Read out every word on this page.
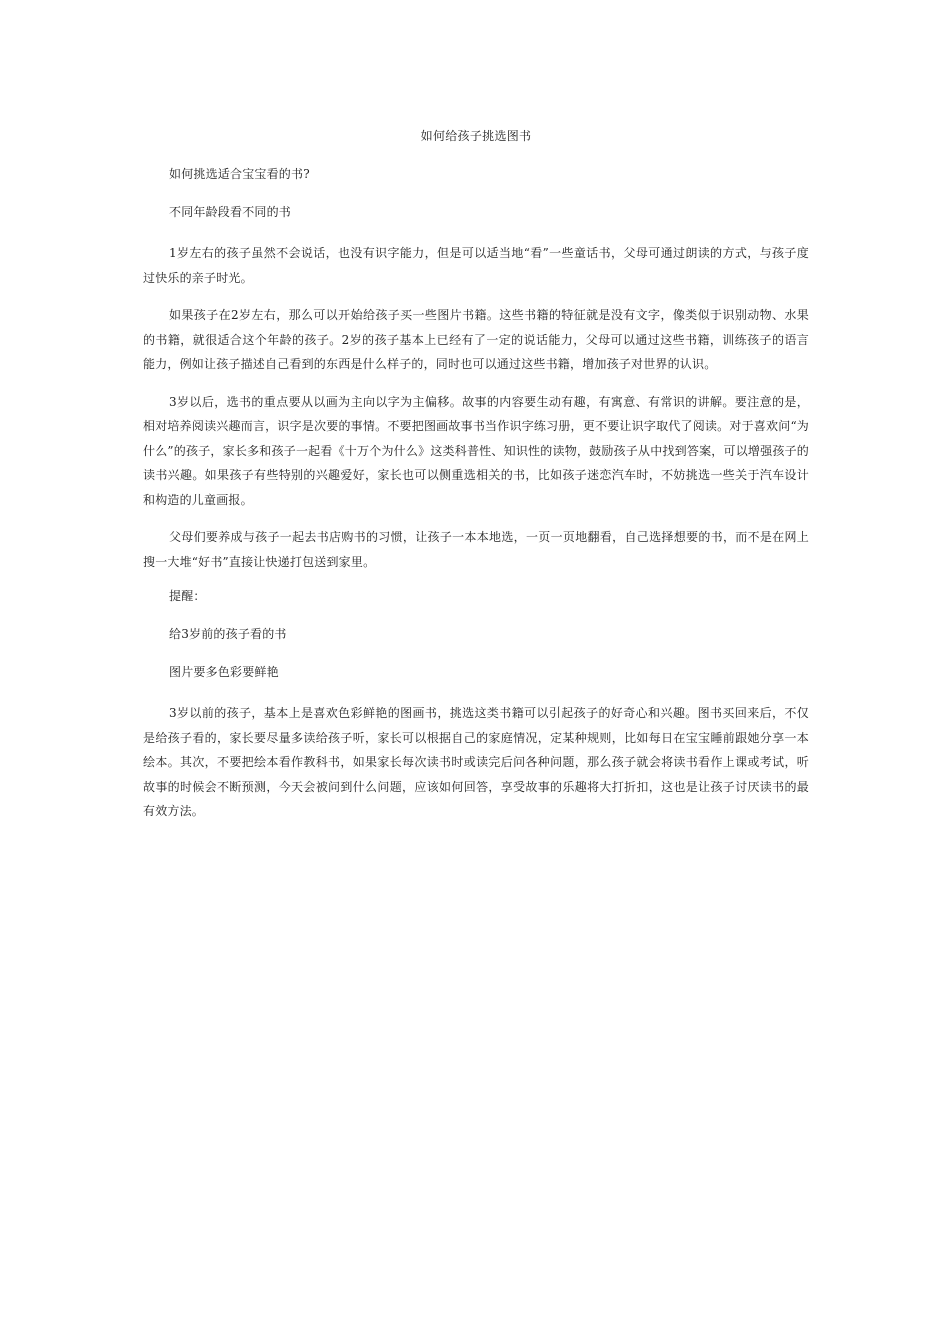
如何给孩子挑选图书

如何挑选适合宝宝看的书?

不同年龄段看不同的书

1岁左右的孩子虽然不会说话，也没有识字能力，但是可以适当地“看”一些童话书，父母可通过朗读的方式，与孩子度过快乐的亲子时光。

如果孩子在2岁左右，那么可以开始给孩子买一些图片书籍。这些书籍的特征就是没有文字，像类似于识别动物、水果的书籍，就很适合这个年龄的孩子。2岁的孩子基本上已经有了一定的说话能力，父母可以通过这些书籍，训练孩子的语言能力，例如让孩子描述自己看到的东西是什么样子的，同时也可以通过这些书籍，增加孩子对世界的认识。

3岁以后，选书的重点要从以画为主向以字为主偏移。故事的内容要生动有趣，有寓意、有常识的讲解。要注意的是，相对培养阅读兴趣而言，识字是次要的事情。不要把图画故事书当作识字练习册，更不要让识字取代了阅读。对于喜欢问“为什么”的孩子，家长多和孩子一起看《十万个为什么》这类科普性、知识性的读物，鼓励孩子从中找到答案，可以增强孩子的读书兴趣。如果孩子有些特别的兴趣爱好，家长也可以侧重选相关的书，比如孩子迷恋汽车时，不妨挑选一些关于汽车设计和构造的儿童画报。

父母们要养成与孩子一起去书店购书的习惯，让孩子一本本地选，一页一页地翻看，自己选择想要的书，而不是在网上搜一大堆“好书”直接让快递打包送到家里。

提醒：

给3岁前的孩子看的书

图片要多色彩要鲜艳

3岁以前的孩子，基本上是喜欢色彩鲜艳的图画书，挑选这类书籍可以引起孩子的好奇心和兴趣。图书买回来后，不仅是给孩子看的，家长要尽量多读给孩子听，家长可以根据自己的家庭情况，定某种规则，比如每日在宝宝睡前跟她分享一本绘本。其次，不要把绘本看作教科书，如果家长每次读书时或读完后问各种问题，那么孩子就会将读书看作上课或考试，听故事的时候会不断预测，今天会被问到什么问题，应该如何回答，享受故事的乐趣将大打折扣，这也是让孩子讨厌读书的最有效方法。
